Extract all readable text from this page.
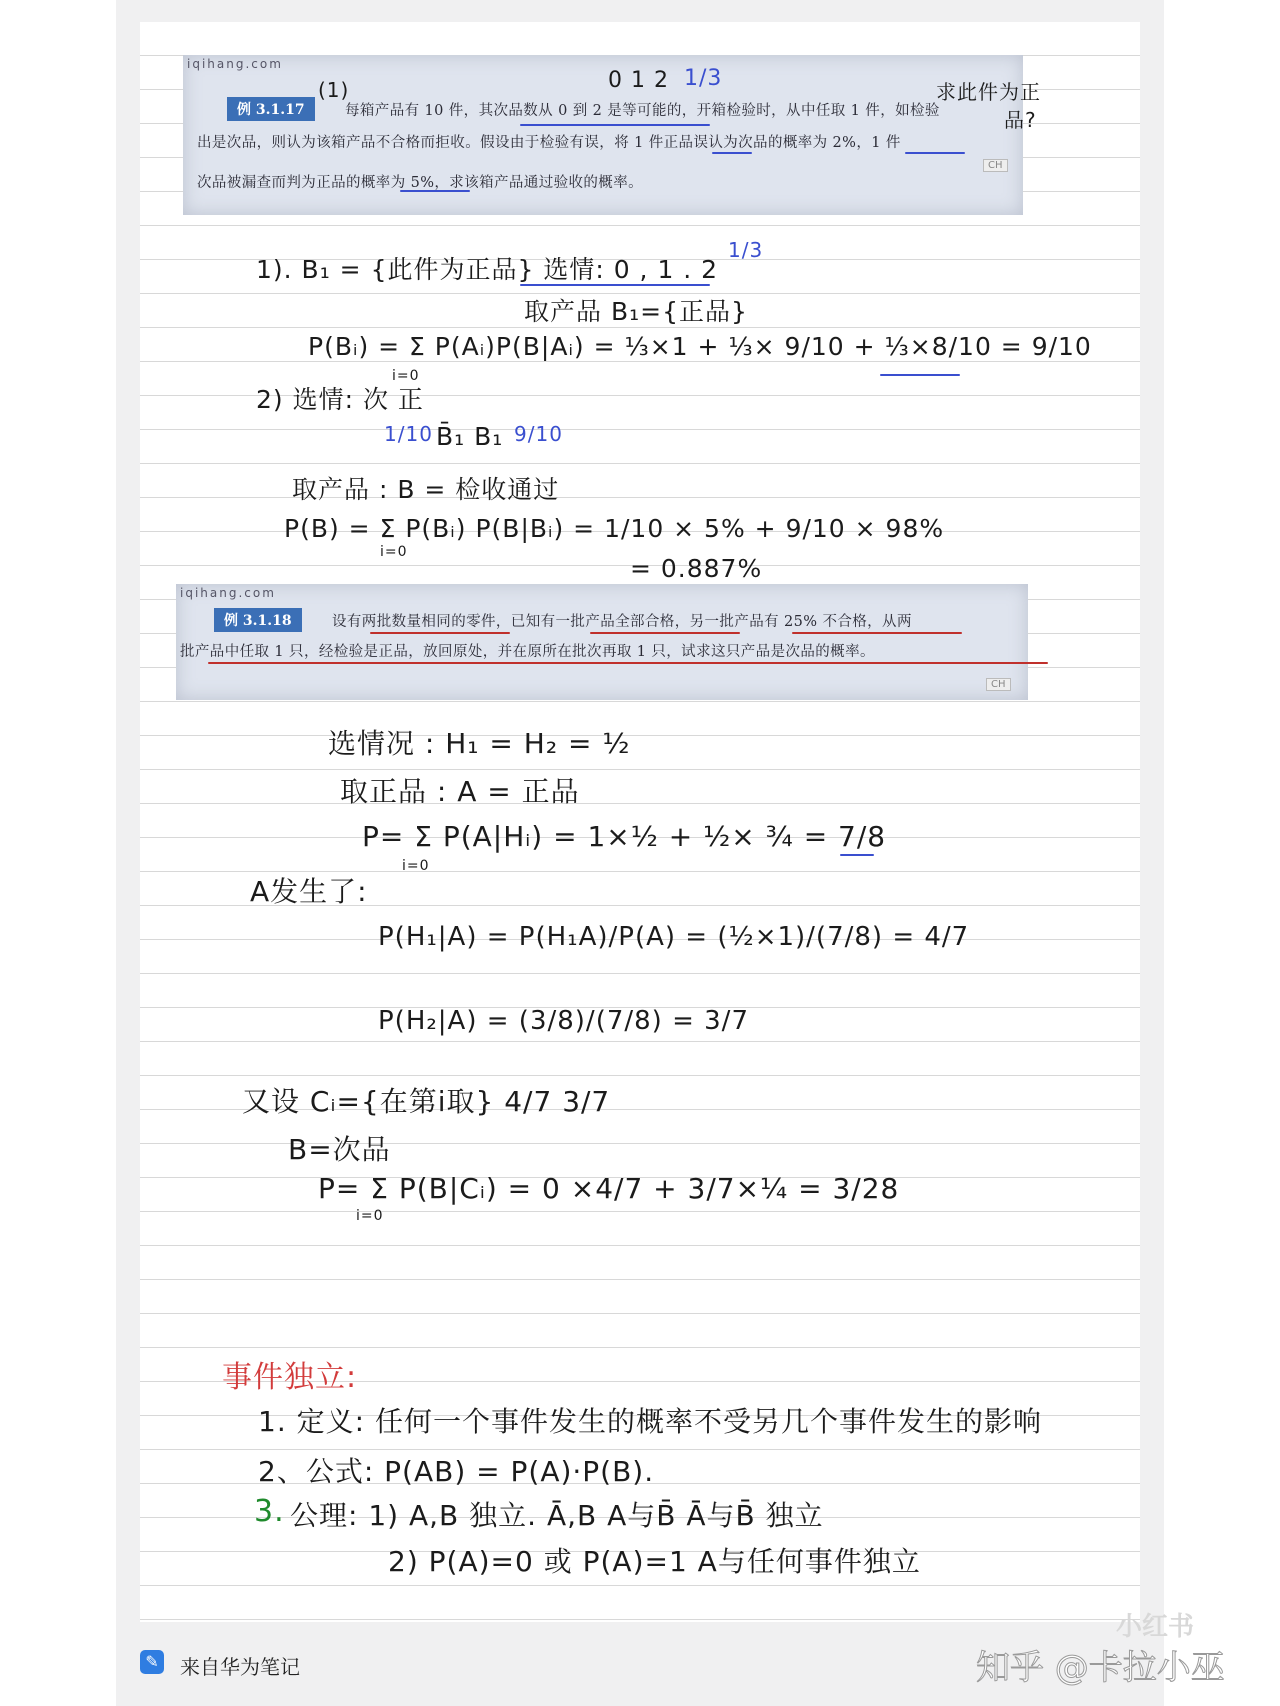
iqihang.com
例 3.1.17	每箱产品有 10 件，其次品数从 0 到 2 是等可能的，开箱检验时，从中任取 1 件，如检验
出是次品，则认为该箱产品不合格而拒收。假设由于检验有误，将 1 件正品误认为次品的概率为 2%，1 件
次品被漏查而判为正品的概率为 5%，求该箱产品通过验收的概率。
CH
(1)	0 1 2 1/3
求此件为正
品?
1). B₁ = {此件为正品} 选情: 0 , 1 . 2
1/3
取产品 B₁={正品}
P(Bᵢ) = Σ P(Aᵢ)P(B|Aᵢ) = ⅓×1 + ⅓× 9/10 + ⅓×8/10 = 9/10
i=0
2) 选情: 次 正
1/10 B̄₁ B₁ 9/10
取产品 : B = 检收通过
P(B) = Σ P(Bᵢ) P(B|Bᵢ) = 1/10 × 5% + 9/10 × 98%
i=0
= 0.887%
iqihang.com
例 3.1.18	设有两批数量相同的零件，已知有一批产品全部合格，另一批产品有 25% 不合格，从两
批产品中任取 1 只，经检验是正品，放回原处，并在原所在批次再取 1 只，试求这只产品是次品的概率。
CH
选情况 : H₁ = H₂ = ½
取正品 : A = 正品
P= Σ P(A|Hᵢ) = 1×½ + ½× ¾ = 7/8
i=0
A发生了:
P(H₁|A) = P(H₁A)/P(A) = (½×1)/(7/8) = 4/7
P(H₂|A) = (3/8)/(7/8) = 3/7
又设 Cᵢ={在第i取} 4/7 3/7
B=次品
P= Σ P(B|Cᵢ) = 0 ×4/7 + 3/7×¼ = 3/28
i=0
事件独立:
1. 定义: 任何一个事件发生的概率不受另几个事件发生的影响
2、公式: P(AB) = P(A)·P(B).
3. 公理: 1) A,B 独立. Ā,B A与B̄ Ā与B̄ 独立
2) P(A)=0 或 P(A)=1 A与任何事件独立
✎ 来自华为笔记
小红书
知乎 @卡拉小巫
